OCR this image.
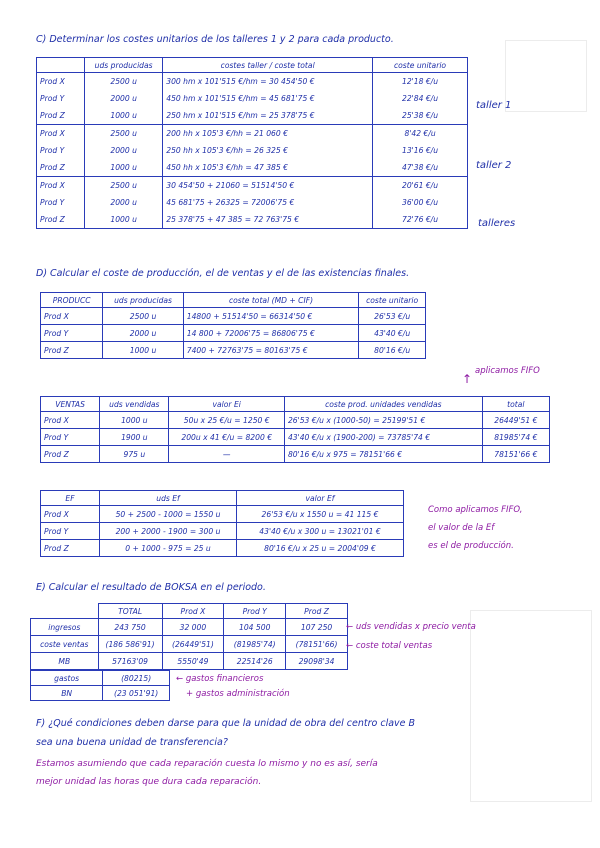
C) Determinar los costes unitarios de los talleres 1 y 2 para cada producto.
	uds producidas	costes taller / coste total	coste unitario
Prod X	2500 u	300 hm x 101'515 €/hm = 30 454'50 €	12'18 €/u
Prod Y	2000 u	450 hm x 101'515 €/hm = 45 681'75 €	22'84 €/u
Prod Z	1000 u	250 hm x 101'515 €/hm = 25 378'75 €	25'38 €/u
Prod X	2500 u	200 hh x 105'3 €/hh = 21 060 €	8'42 €/u
Prod Y	2000 u	250 hh x 105'3 €/hh = 26 325 €	13'16 €/u
Prod Z	1000 u	450 hh x 105'3 €/hh = 47 385 €	47'38 €/u
Prod X	2500 u	30 454'50 + 21060 = 51514'50 €	20'61 €/u
Prod Y	2000 u	45 681'75 + 26325 = 72006'75 €	36'00 €/u
Prod Z	1000 u	25 378'75 + 47 385 = 72 763'75 €	72'76 €/u
taller 1
taller 2
talleres
D) Calcular el coste de producción, el de ventas y el de las existencias finales.
PRODUCC	uds producidas	coste total (MD + CIF)	coste unitario
Prod X	2500 u	14800 + 51514'50 = 66314'50 €	26'53 €/u
Prod Y	2000 u	14 800 + 72006'75 = 86806'75 €	43'40 €/u
Prod Z	1000 u	7400 + 72763'75 = 80163'75 €	80'16 €/u
aplicamos FIFO
↑
VENTAS	uds vendidas	valor Ei	coste prod. unidades vendidas	total
Prod X	1000 u	50u x 25 €/u = 1250 €	26'53 €/u x (1000-50) = 25199'51 €	26449'51 €
Prod Y	1900 u	200u x 41 €/u = 8200 €	43'40 €/u x (1900-200) = 73785'74 €	81985'74 €
Prod Z	975 u	—	80'16 €/u x 975 = 78151'66 €	78151'66 €
EF	uds Ef	valor Ef
Prod X	50 + 2500 - 1000 = 1550 u	26'53 €/u x 1550 u = 41 115 €
Prod Y	200 + 2000 - 1900 = 300 u	43'40 €/u x 300 u = 13021'01 €
Prod Z	0 + 1000 - 975 = 25 u	80'16 €/u x 25 u = 2004'09 €
Como aplicamos FIFO,
el valor de la Ef
es el de producción.
E) Calcular el resultado de BOKSA en el periodo.
	TOTAL	Prod X	Prod Y	Prod Z
ingresos	243 750	32 000	104 500	107 250
coste ventas	(186 586'91)	(26449'51)	(81985'74)	(78151'66)
MB	57163'09	5550'49	22514'26	29098'34
gastos	(80215)
BN	(23 051'91)
← uds vendidas x precio venta
← coste total ventas
← gastos financieros
+ gastos administración
F) ¿Qué condiciones deben darse para que la unidad de obra del centro clave B
sea una buena unidad de transferencia?
Estamos asumiendo que cada reparación cuesta lo mismo y no es así, sería
mejor unidad las horas que dura cada reparación.
